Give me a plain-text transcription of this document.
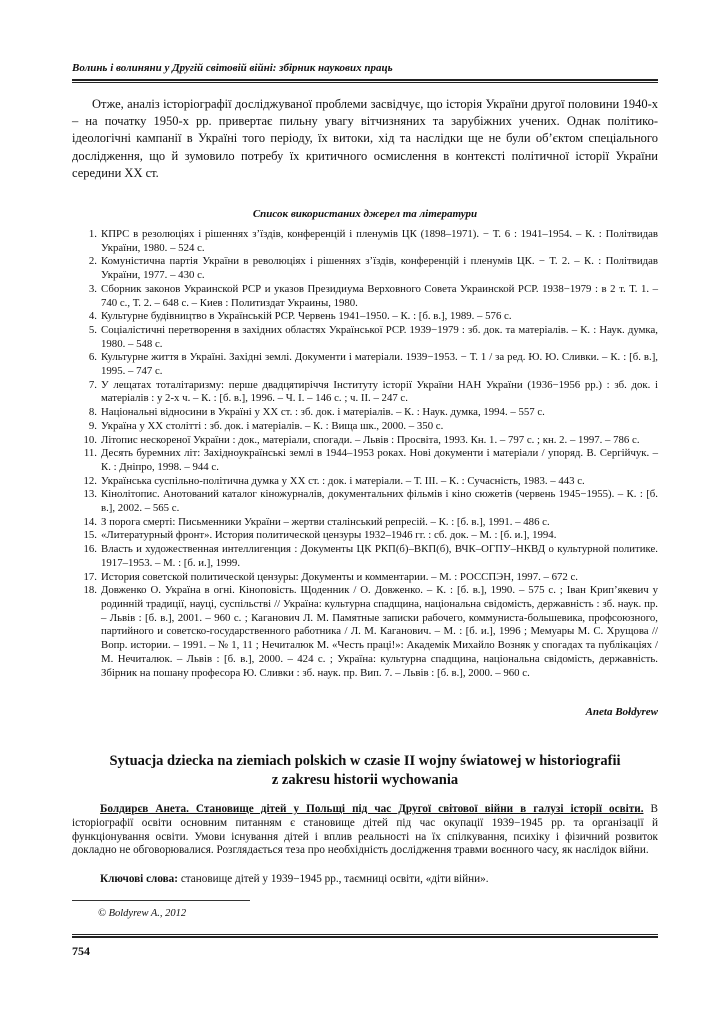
Волинь і волиняни у Другій світовій війні: збірник наукових праць

Отже, аналіз історіографії досліджуваної проблеми засвідчує, що історія України другої половини 1940-х – на початку 1950-х рр. привертає пильну увагу вітчизняних та зарубіжних учених. Однак політико-ідеологічні кампанії в Україні того періоду, їх витоки, хід та наслідки ще не були об’єктом спеціального дослідження, що й зумовило потребу їх критичного осмислення в контексті політичної історії України середини ХХ ст.

Список використаних джерел та літератури
1. КПРС в резолюціях і рішеннях з’їздів, конференцій і пленумів ЦК (1898–1971). − Т. 6 : 1941–1954. – К. : Політвидав України, 1980. – 524 с.
2. Комуністична партія України в революціях і рішеннях з’їздів, конференцій і пленумів ЦК. − Т. 2. – К. : Політвидав України, 1977. – 430 с.
3. Сборник законов Украинской РСР и указов Президиума Верховного Совета Украинской РСР. 1938−1979 : в 2 т. Т. 1. – 740 с., Т. 2. – 648 с. – Киев : Политиздат Украины, 1980.
4. Культурне будівництво в Українській РСР. Червень 1941–1950. – К. : [б. в.], 1989. – 576 с.
5. Соціалістичні перетворення в західних областях Української РСР. 1939−1979 : зб. док. та матеріалів. – К. : Наук. думка, 1980. – 548 с.
6. Культурне життя в Україні. Західні землі. Документи і матеріали. 1939−1953. − Т. 1 / за ред. Ю. Ю. Сливки. – К. : [б. в.], 1995. – 747 с.
7. У лещатах тоталітаризму: перше двадцятиріччя Інституту історії України НАН України (1936−1956 рр.) : зб. док. і матеріалів : у 2-х ч. – К. : [б. в.], 1996. – Ч. І. – 146 с. ; ч. ІІ. – 247 с.
8. Національні відносини в Україні у ХХ ст. : зб. док. і матеріалів. – К. : Наук. думка, 1994. – 557 с.
9. Україна у ХХ столітті : зб. док. і матеріалів. – К. : Вища шк., 2000. – 350 с.
10. Літопис нескореної України : док., матеріали, спогади. – Львів : Просвіта, 1993. Кн. 1. – 797 с. ; кн. 2. – 1997. – 786 с.
11. Десять буремних літ: Західноукраїнські землі в 1944–1953 роках. Нові документи і матеріали / упоряд. В. Сергійчук. – К. : Дніпро, 1998. – 944 с.
12. Українська суспільно-політична думка у ХХ ст. : док. і матеріали. – Т. ІІІ. – К. : Сучасність, 1983. – 443 с.
13. Кінолітопис. Анотований каталог кіножурналів, документальних фільмів і кіно сюжетів (червень 1945−1955). – К. : [б. в.], 2002. – 565 с.
14. З порога смерті: Письменники України – жертви сталінський репресій. – К. : [б. в.], 1991. – 486 с.
15. «Литературный фронт». История политической цензуры 1932–1946 гг. : сб. док. – М. : [б. и.], 1994.
16. Власть и художественная интеллигенция : Документы ЦК РКП(б)–ВКП(б), ВЧК–ОГПУ–НКВД о культурной политике. 1917–1953. – М. : [б. и.], 1999.
17. История советской политической цензуры: Документы и комментарии. – М. : РОССПЭН, 1997. – 672 с.
18. Довженко О. Україна в огні. Кіноповість. Щоденник / О. Довженко. – К. : [б. в.], 1990. – 575 с. ; Іван Крип’якевич у родинній традиції, науці, суспільстві // Україна: культурна спадщина, національна свідомість, державність : зб. наук. пр. – Львів : [б. в.], 2001. – 960 с. ; Каганович Л. М. Памятные записки рабочего, коммуниста-большевика, профсоюзного, партийного и советско-государственного работника / Л. М. Каганович. – М. : [б. и.], 1996 ; Мемуары М. С. Хрущова // Вопр. истории. – 1991. – № 1, 11 ; Нечиталюк М. «Честь праці!»: Академік Михайло Возняк у спогадах та публікаціях / М. Нечиталюк. – Львів : [б. в.], 2000. – 424 с. ; Україна: культурна спадщина, національна свідомість, державність. Збірник на пошану професора Ю. Сливки : зб. наук. пр. Вип. 7. – Львів : [б. в.], 2000. – 960 с.
Aneta Bołdyrew
Sytuacja dziecka na ziemiach polskich w czasie II wojny światowej w historiografii
z zakresu historii wychowania

Болдирєв Анета. Становище дітей у Польщі під час Другої світової війни в галузі історії освіти. В історіографії освіти основним питанням є становище дітей під час окупації 1939−1945 рр. та організації й функціонування освіти. Умови існування дітей і вплив реальності на їх спілкування, психіку і фізичний розвиток докладно не обговорювалися. Розглядається теза про необхідність дослідження травми воєнного часу, як наслідок війни.

Ключові слова: становище дітей у 1939−1945 рр., таємниці освіти, «діти війни».

© Boldyrew A., 2012
754
